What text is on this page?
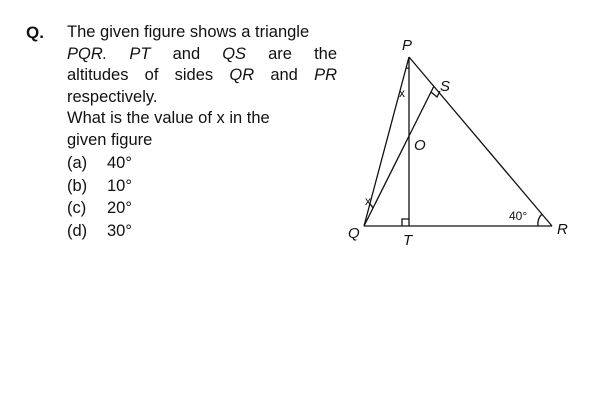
Q. The given figure shows a triangle
PQR. PT and QS are the
altitudes of sides QR and PR
respectively.
What is the value of x in the
given figure
(a) 40°
(b) 10°
(c) 20°
(d) 30°
P
S
O
Q	T
R
x
x
40°
